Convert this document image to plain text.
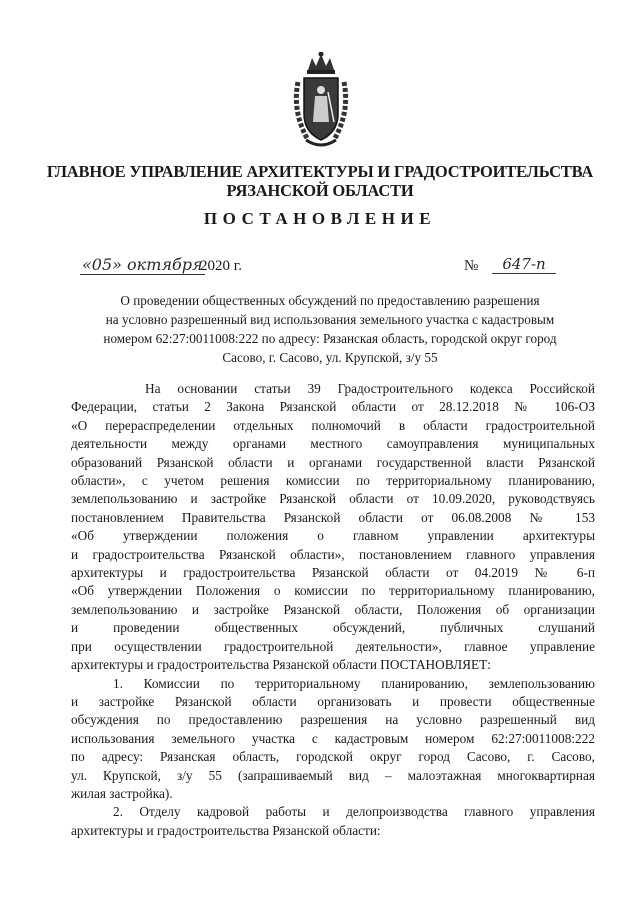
ГЛАВНОЕ УПРАВЛЕНИЕ АРХИТЕКТУРЫ И ГРАДОСТРОИТЕЛЬСТВА
РЯЗАНСКОЙ ОБЛАСТИ
ПОСТАНОВЛЕНИЕ
«05» октября
2020 г.	№	647-п
О проведении общественных обсуждений по предоставлению разрешения
на условно разрешенный вид использования земельного участка с кадастровым
номером 62:27:0011008:222 по адресу: Рязанская область, городской округ город
Сасово, г. Сасово, ул. Крупской, з/у 55
На основании статьи 39 Градостроительного кодекса Российской
Федерации, статьи 2 Закона Рязанской области от 28.12.2018 № 106-ОЗ
«О перераспределении отдельных полномочий в области градостроительной
деятельности между органами местного самоуправления муниципальных
образований Рязанской области и органами государственной власти Рязанской
области», с учетом решения комиссии по территориальному планированию,
землепользованию и застройке Рязанской области от 10.09.2020, руководствуясь
постановлением Правительства Рязанской области от 06.08.2008 № 153
«Об утверждении положения о главном управлении архитектуры
и градостроительства Рязанской области», постановлением главного управления
архитектуры и градостроительства Рязанской области от 04.2019 № 6-п
«Об утверждении Положения о комиссии по территориальному планированию,
землепользованию и застройке Рязанской области, Положения об организации
и проведении общественных обсуждений, публичных слушаний
при осуществлении градостроительной деятельности», главное управление
архитектуры и градостроительства Рязанской области ПОСТАНОВЛЯЕТ:
1. Комиссии по территориальному планированию, землепользованию
и застройке Рязанской области организовать и провести общественные
обсуждения по предоставлению разрешения на условно разрешенный вид
использования земельного участка с кадастровым номером 62:27:0011008:222
по адресу: Рязанская область, городской округ город Сасово, г. Сасово,
ул. Крупской, з/у 55 (запрашиваемый вид – малоэтажная многоквартирная
жилая застройка).
2. Отделу кадровой работы и делопроизводства главного управления
архитектуры и градостроительства Рязанской области:
